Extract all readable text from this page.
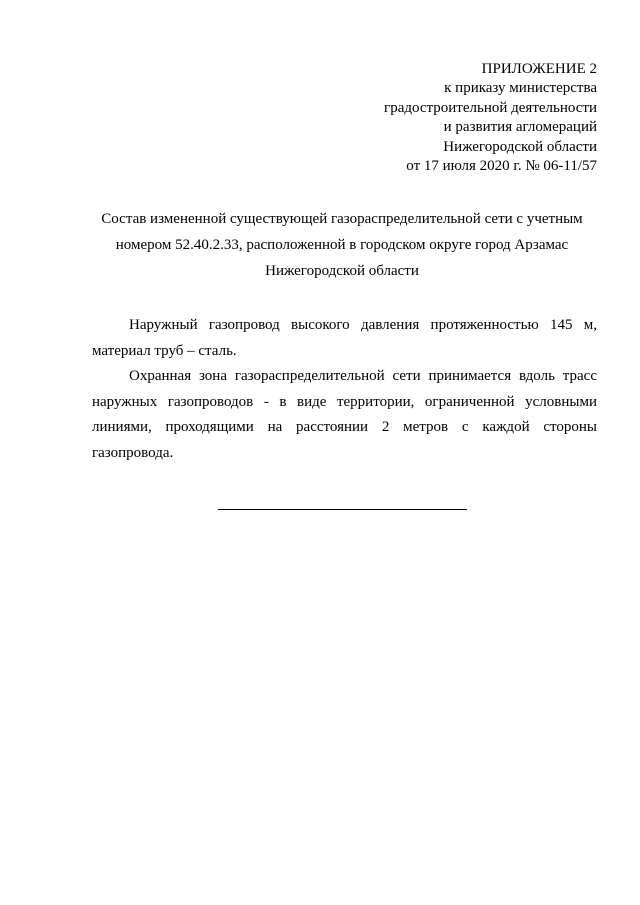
ПРИЛОЖЕНИЕ 2
к приказу министерства
градостроительной деятельности
и развития агломераций
Нижегородской области
от 17 июля 2020 г. № 06-11/57
Состав измененной существующей газораспределительной сети с учетным
номером 52.40.2.33, расположенной в городском округе город Арзамас
Нижегородской области

Наружный газопровод высокого давления протяженностью 145 м, материал труб – сталь.

Охранная зона газораспределительной сети принимается вдоль трасс наружных газопроводов - в виде территории, ограниченной условными линиями, проходящими на расстоянии 2 метров с каждой стороны газопровода.
